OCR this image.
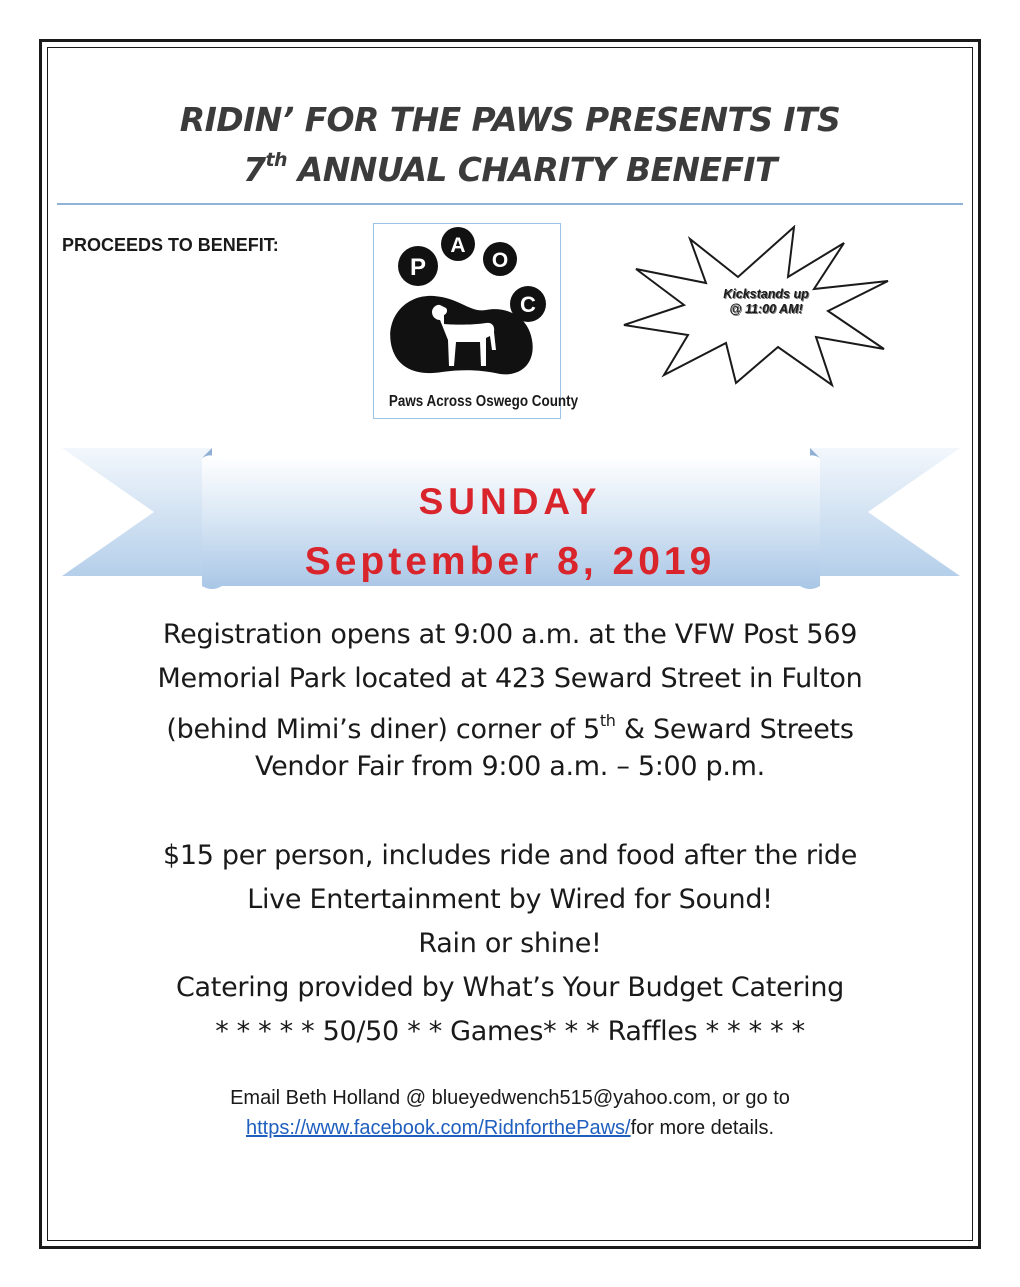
RIDIN’ FOR THE PAWS PRESENTS ITS
7th ANNUAL CHARITY BENEFIT
PROCEEDS TO BENEFIT:
P
A
O
C
Paws Across Oswego County
Kickstands up
@ 11:00 AM!
SUNDAY
September 8, 2019
Registration opens at 9:00 a.m. at the VFW Post 569
Memorial Park located at 423 Seward Street in Fulton
(behind Mimi’s diner) corner of 5th & Seward Streets
Vendor Fair from 9:00 a.m. – 5:00 p.m.
$15 per person, includes ride and food after the ride
Live Entertainment by Wired for Sound!
Rain or shine!
Catering provided by What’s Your Budget Catering
* * * * * 50/50 * * Games* * * Raffles * * * * *
Email Beth Holland @ blueyedwench515@yahoo.com, or go to
https://www.facebook.com/RidnforthePaws/for more details.
